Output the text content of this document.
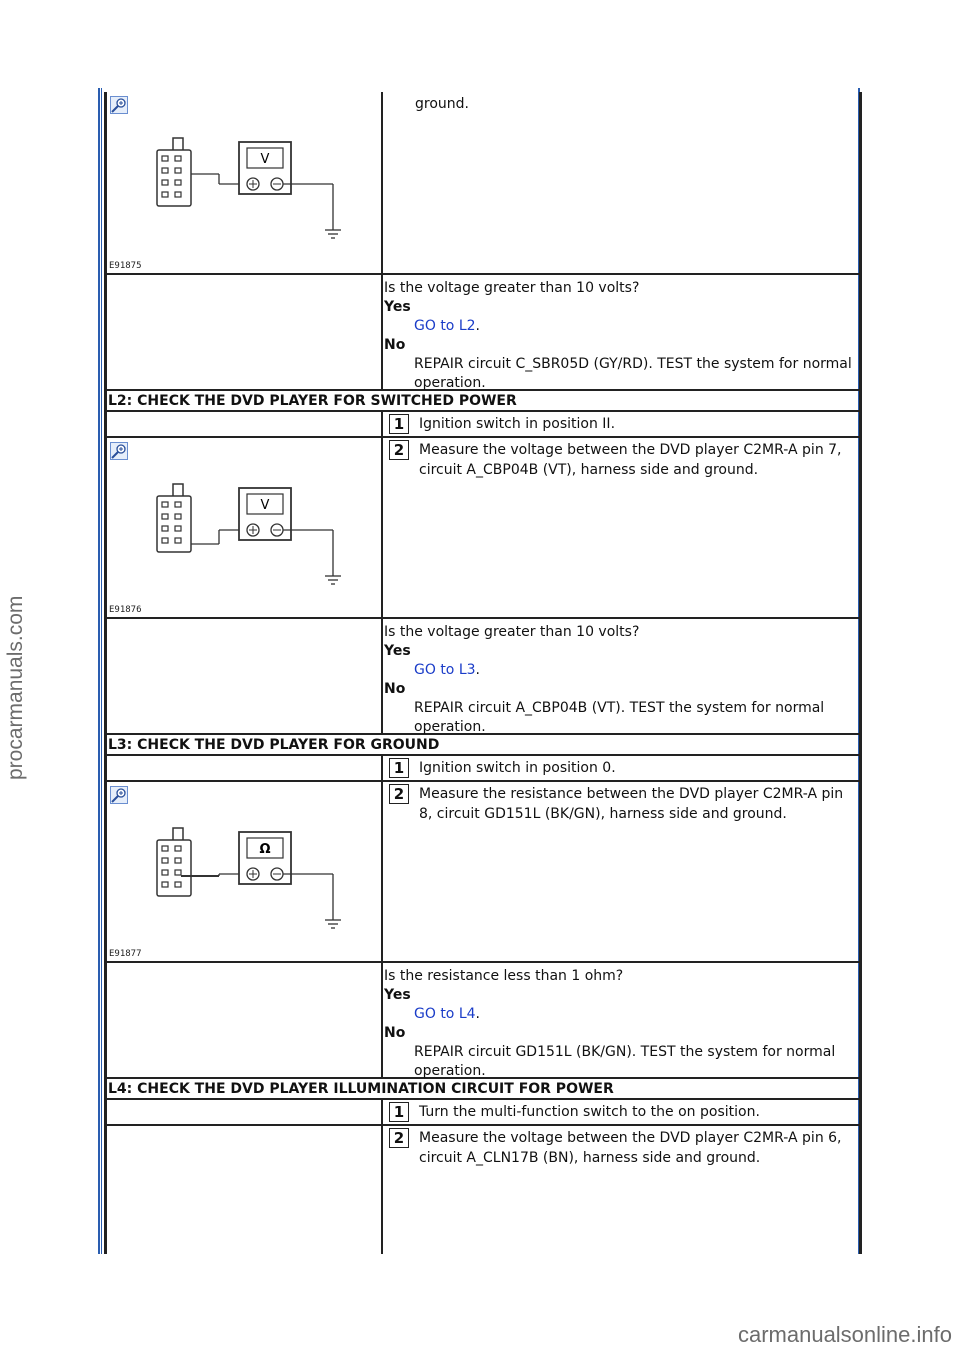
procarmanuals.com
carmanualsonline.info
V
E91875
ground.
Is the voltage greater than 10 volts?
Yes
GO to L2.
No
REPAIR circuit C_SBR05D (GY/RD). TEST the system for normal operation.
L2: CHECK THE DVD PLAYER FOR SWITCHED POWER
1	Ignition switch in position II.
V
E91876
2	Measure the voltage between the DVD player C2MR-A pin 7, circuit A_CBP04B (VT), harness side and ground.
Is the voltage greater than 10 volts?
Yes
GO to L3.
No
REPAIR circuit A_CBP04B (VT). TEST the system for normal operation.
L3: CHECK THE DVD PLAYER FOR GROUND
1	Ignition switch in position 0.
Ω
E91877
2	Measure the resistance between the DVD player C2MR-A pin 8, circuit GD151L (BK/GN), harness side and ground.
Is the resistance less than 1 ohm?
Yes
GO to L4.
No
REPAIR circuit GD151L (BK/GN). TEST the system for normal operation.
L4: CHECK THE DVD PLAYER ILLUMINATION CIRCUIT FOR POWER
1	Turn the multi-function switch to the on position.
2	Measure the voltage between the DVD player C2MR-A pin 6, circuit A_CLN17B (BN), harness side and ground.
